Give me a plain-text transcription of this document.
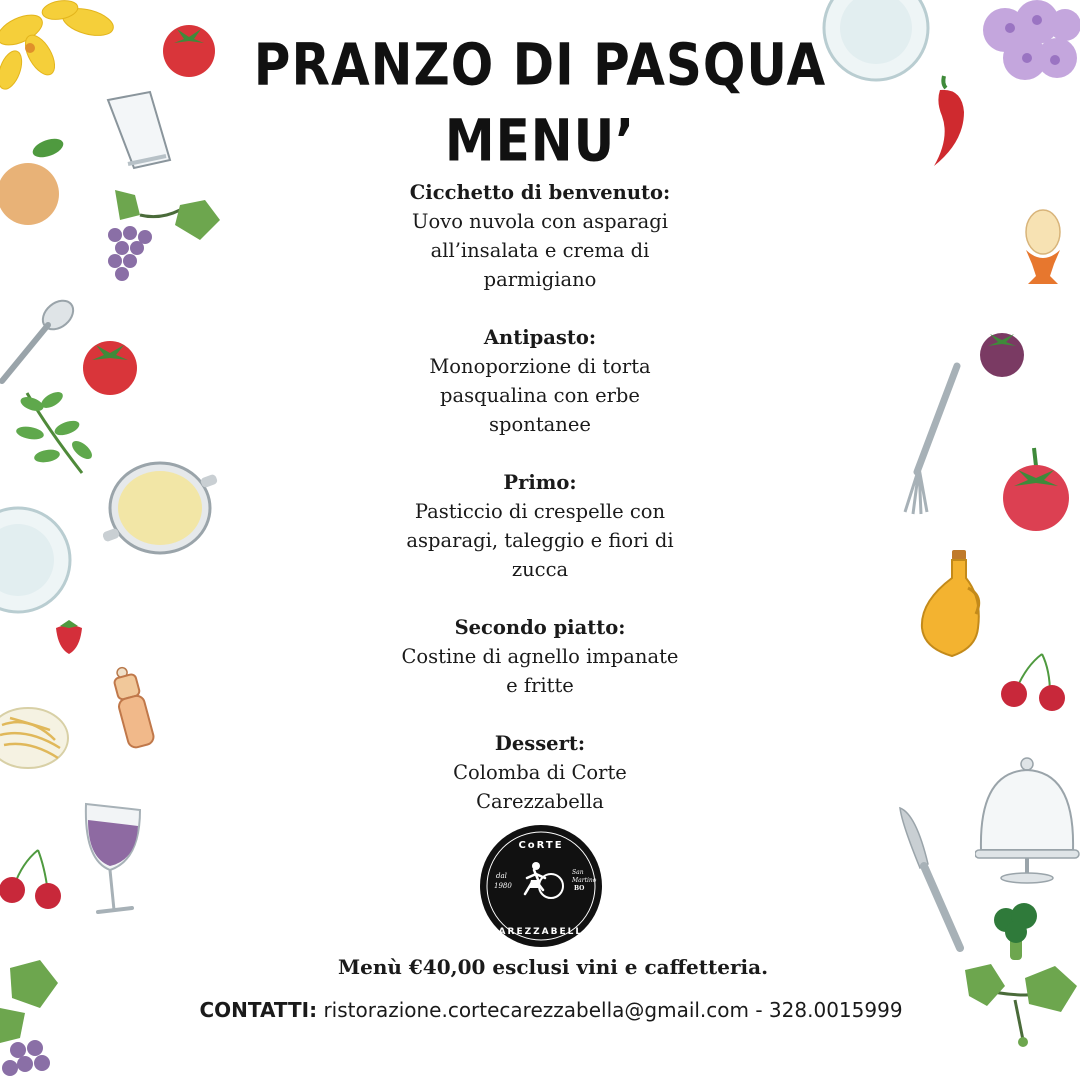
PRANZO DI PASQUA
MENU’
Cicchetto di benvenuto:
Uovo nuvola con asparagi
all’insalata e crema di
parmigiano
Antipasto:
Monoporzione di torta
pasqualina con erbe
spontanee
Primo:
Pasticcio di crespelle con
asparagi, taleggio e fiori di
zucca
Secondo piatto:
Costine di agnello impanate
e fritte
Dessert:
Colomba di Corte
Carezzabella
CoRTE
CAREZZABELLA
dal
1980
San
Martino
BO
Menù €40,00 esclusi vini e caffetteria.
CONTATTI: ristorazione.cortecarezzabella@gmail.com - 328.0015999
